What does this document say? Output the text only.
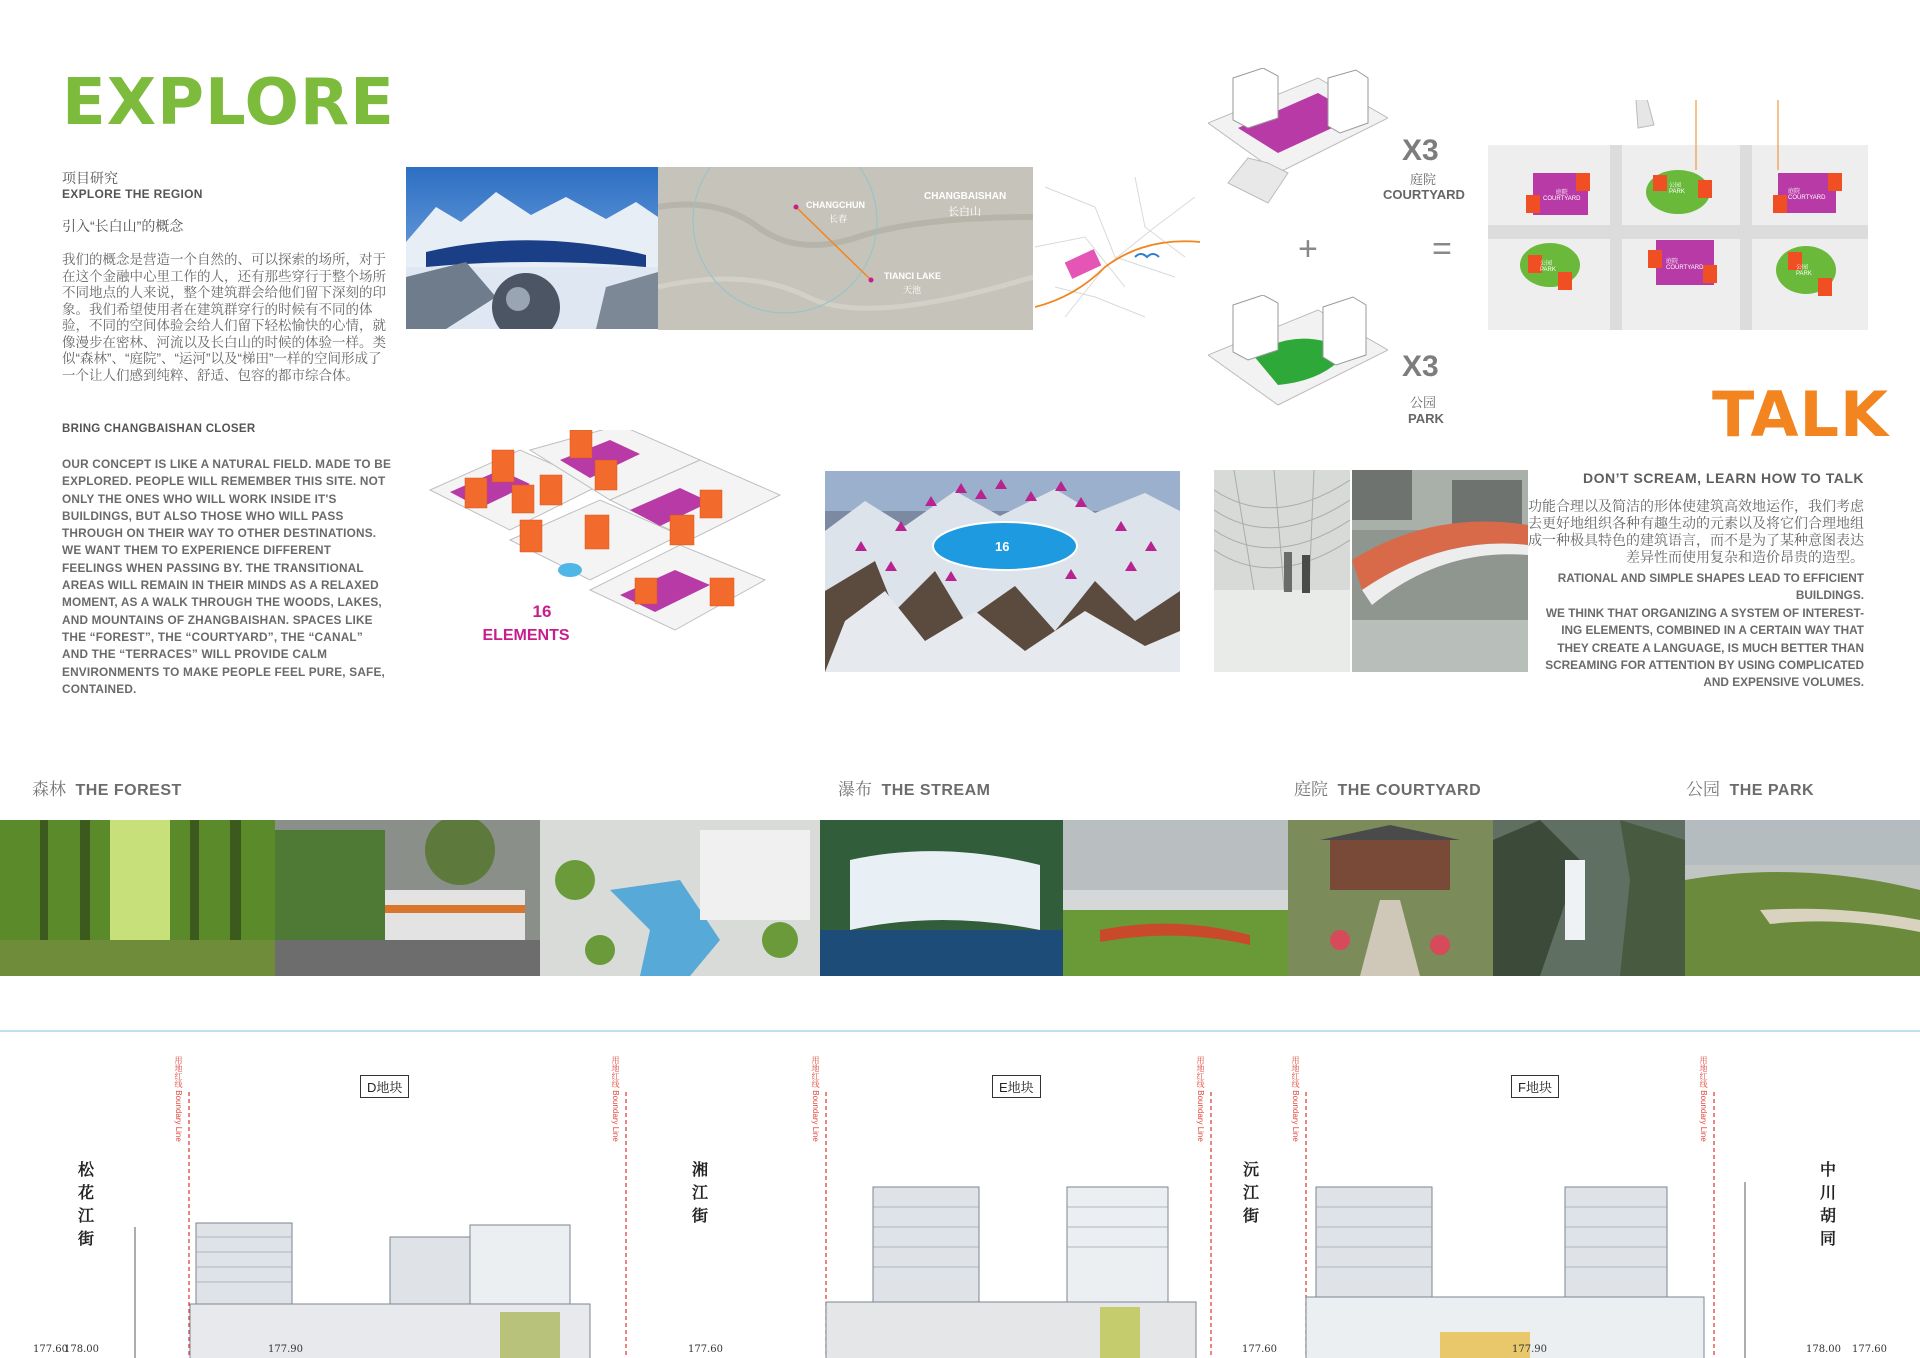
EXPLORE
项目研究
EXPLORE THE REGION
引入“长白山”的概念
我们的概念是营造一个自然的、可以探索的场所，对于在这个金融中心里工作的人，还有那些穿行于整个场所不同地点的人来说，整个建筑群会给他们留下深刻的印象。我们希望使用者在建筑群穿行的时候有不同的体验，不同的空间体验会给人们留下轻松愉快的心情，就像漫步在密林、河流以及长白山的时候的体验一样。类似“森林”、“庭院”、“运河”以及“梯田”一样的空间形成了一个让人们感到纯粹、舒适、包容的都市综合体。
BRING CHANGBAISHAN CLOSER
OUR CONCEPT IS LIKE A NATURAL FIELD. MADE TO BE EXPLORED. PEOPLE WILL REMEMBER THIS SITE. NOT ONLY THE ONES WHO WILL WORK INSIDE IT'S BUILDINGS, BUT ALSO THOSE WHO WILL PASS THROUGH ON THEIR WAY TO OTHER DESTINATIONS. WE WANT THEM TO EXPERIENCE DIFFERENT FEELINGS WHEN PASSING BY. THE TRANSITIONAL AREAS WILL REMAIN IN THEIR MINDS AS A RELAXED MOMENT, AS A WALK THROUGH THE WOODS, LAKES, AND MOUNTAINS OF ZHANGBAISHAN. SPACES LIKE THE “FOREST”, THE “COURTYARD”, THE “CANAL” AND THE “TERRACES” WILL PROVIDE CALM ENVIRONMENTS TO MAKE PEOPLE FEEL PURE, SAFE, CONTAINED.
CHANGCHUN
长春
CHANGBAISHAN
长白山
TIANCI LAKE
天池
16
ELEMENTS
16
X3
庭院
COURTYARD
+	=
X3
公园
PARK
庭院
COURTYARD
公园
PARK	庭院
COURTYARD
公园
PARK
庭院
COURTYARD	公园
PARK
TALK
DON’T SCREAM, LEARN HOW TO TALK
功能合理以及简洁的形体使建筑高效地运作，我们考虑去更好地组织各种有趣生动的元素以及将它们合理地组成一种极具特色的建筑语言，而不是为了某种意图表达差异性而使用复杂和造价昂贵的造型。
RATIONAL AND SIMPLE SHAPES LEAD TO EFFICIENT BUILDINGS.
WE THINK THAT ORGANIZING A SYSTEM OF INTEREST-ING ELEMENTS, COMBINED IN A CERTAIN WAY THAT THEY CREATE A LANGUAGE, IS MUCH BETTER THAN SCREAMING FOR ATTENTION BY USING COMPLICATED AND EXPENSIVE VOLUMES.
森林 THE FOREST	瀑布 THE STREAM	庭院 THE COURTYARD	公园 THE PARK
D地块	E地块	F地块
用地红线 Boundary Line
用地红线 Boundary Line
用地红线 Boundary Line
用地红线 Boundary Line
用地红线 Boundary Line
用地红线 Boundary Line
松花江街
湘江街
沅江街
中川胡同
177.60
178.00	177.90	177.60	177.60	177.90	178.00 177.60
